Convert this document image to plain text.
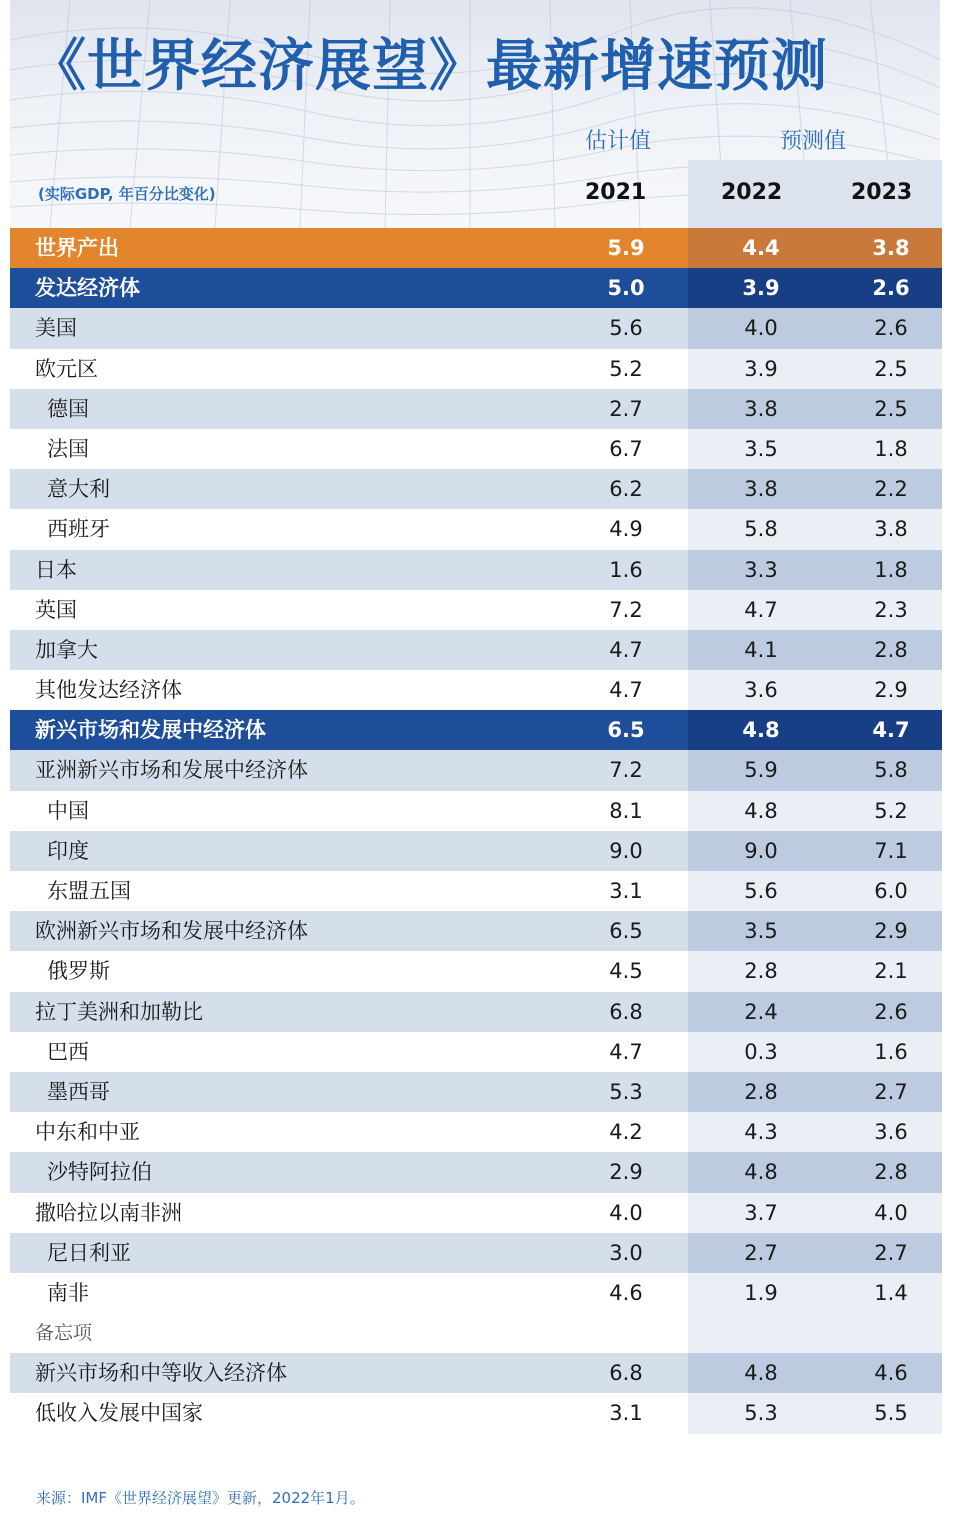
《世界经济展望》最新增速预测
估计值	预测值
(实际GDP, 年百分比变化)	2021	2022	2023
世界产出	5.9	4.4	3.8
发达经济体	5.0	3.9	2.6
美国	5.6	4.0	2.6
欧元区	5.2	3.9	2.5
德国	2.7	3.8	2.5
法国	6.7	3.5	1.8
意大利	6.2	3.8	2.2
西班牙	4.9	5.8	3.8
日本	1.6	3.3	1.8
英国	7.2	4.7	2.3
加拿大	4.7	4.1	2.8
其他发达经济体	4.7	3.6	2.9
新兴市场和发展中经济体	6.5	4.8	4.7
亚洲新兴市场和发展中经济体	7.2	5.9	5.8
中国	8.1	4.8	5.2
印度	9.0	9.0	7.1
东盟五国	3.1	5.6	6.0
欧洲新兴市场和发展中经济体	6.5	3.5	2.9
俄罗斯	4.5	2.8	2.1
拉丁美洲和加勒比	6.8	2.4	2.6
巴西	4.7	0.3	1.6
墨西哥	5.3	2.8	2.7
中东和中亚	4.2	4.3	3.6
沙特阿拉伯	2.9	4.8	2.8
撒哈拉以南非洲	4.0	3.7	4.0
尼日利亚	3.0	2.7	2.7
南非	4.6	1.9	1.4
备忘项
新兴市场和中等收入经济体	6.8	4.8	4.6
低收入发展中国家	3.1	5.3	5.5
来源：IMF《世界经济展望》更新，2022年1月。
